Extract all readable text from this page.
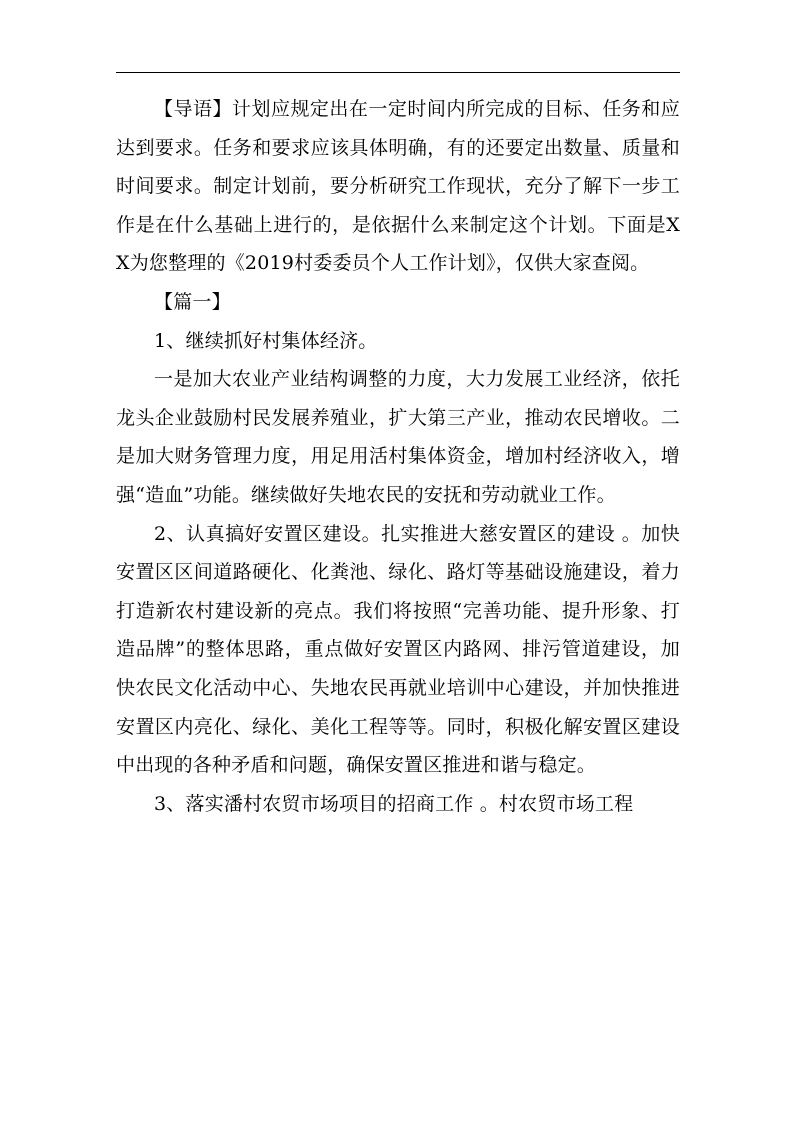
【导语】计划应规定出在一定时间内所完成的目标、任务和应达到要求。任务和要求应该具体明确，有的还要定出数量、质量和时间要求。制定计划前，要分析研究工作现状，充分了解下一步工作是在什么基础上进行的，是依据什么来制定这个计划。下面是XX为您整理的《2019村委委员个人工作计划》，仅供大家查阅。

【篇一】

1、继续抓好村集体经济。

一是加大农业产业结构调整的力度，大力发展工业经济，依托龙头企业鼓励村民发展养殖业，扩大第三产业，推动农民增收。二是加大财务管理力度，用足用活村集体资金，增加村经济收入，增强“造血”功能。继续做好失地农民的安抚和劳动就业工作。

2、认真搞好安置区建设。扎实推进大慈安置区的建设 。加快安置区区间道路硬化、化粪池、绿化、路灯等基础设施建设，着力打造新农村建设新的亮点。我们将按照“完善功能、提升形象、打造品牌”的整体思路，重点做好安置区内路网、排污管道建设，加快农民文化活动中心、失地农民再就业培训中心建设，并加快推进安置区内亮化、绿化、美化工程等等。同时，积极化解安置区建设中出现的各种矛盾和问题，确保安置区推进和谐与稳定。

3、落实潘村农贸市场项目的招商工作 。村农贸市场工程
